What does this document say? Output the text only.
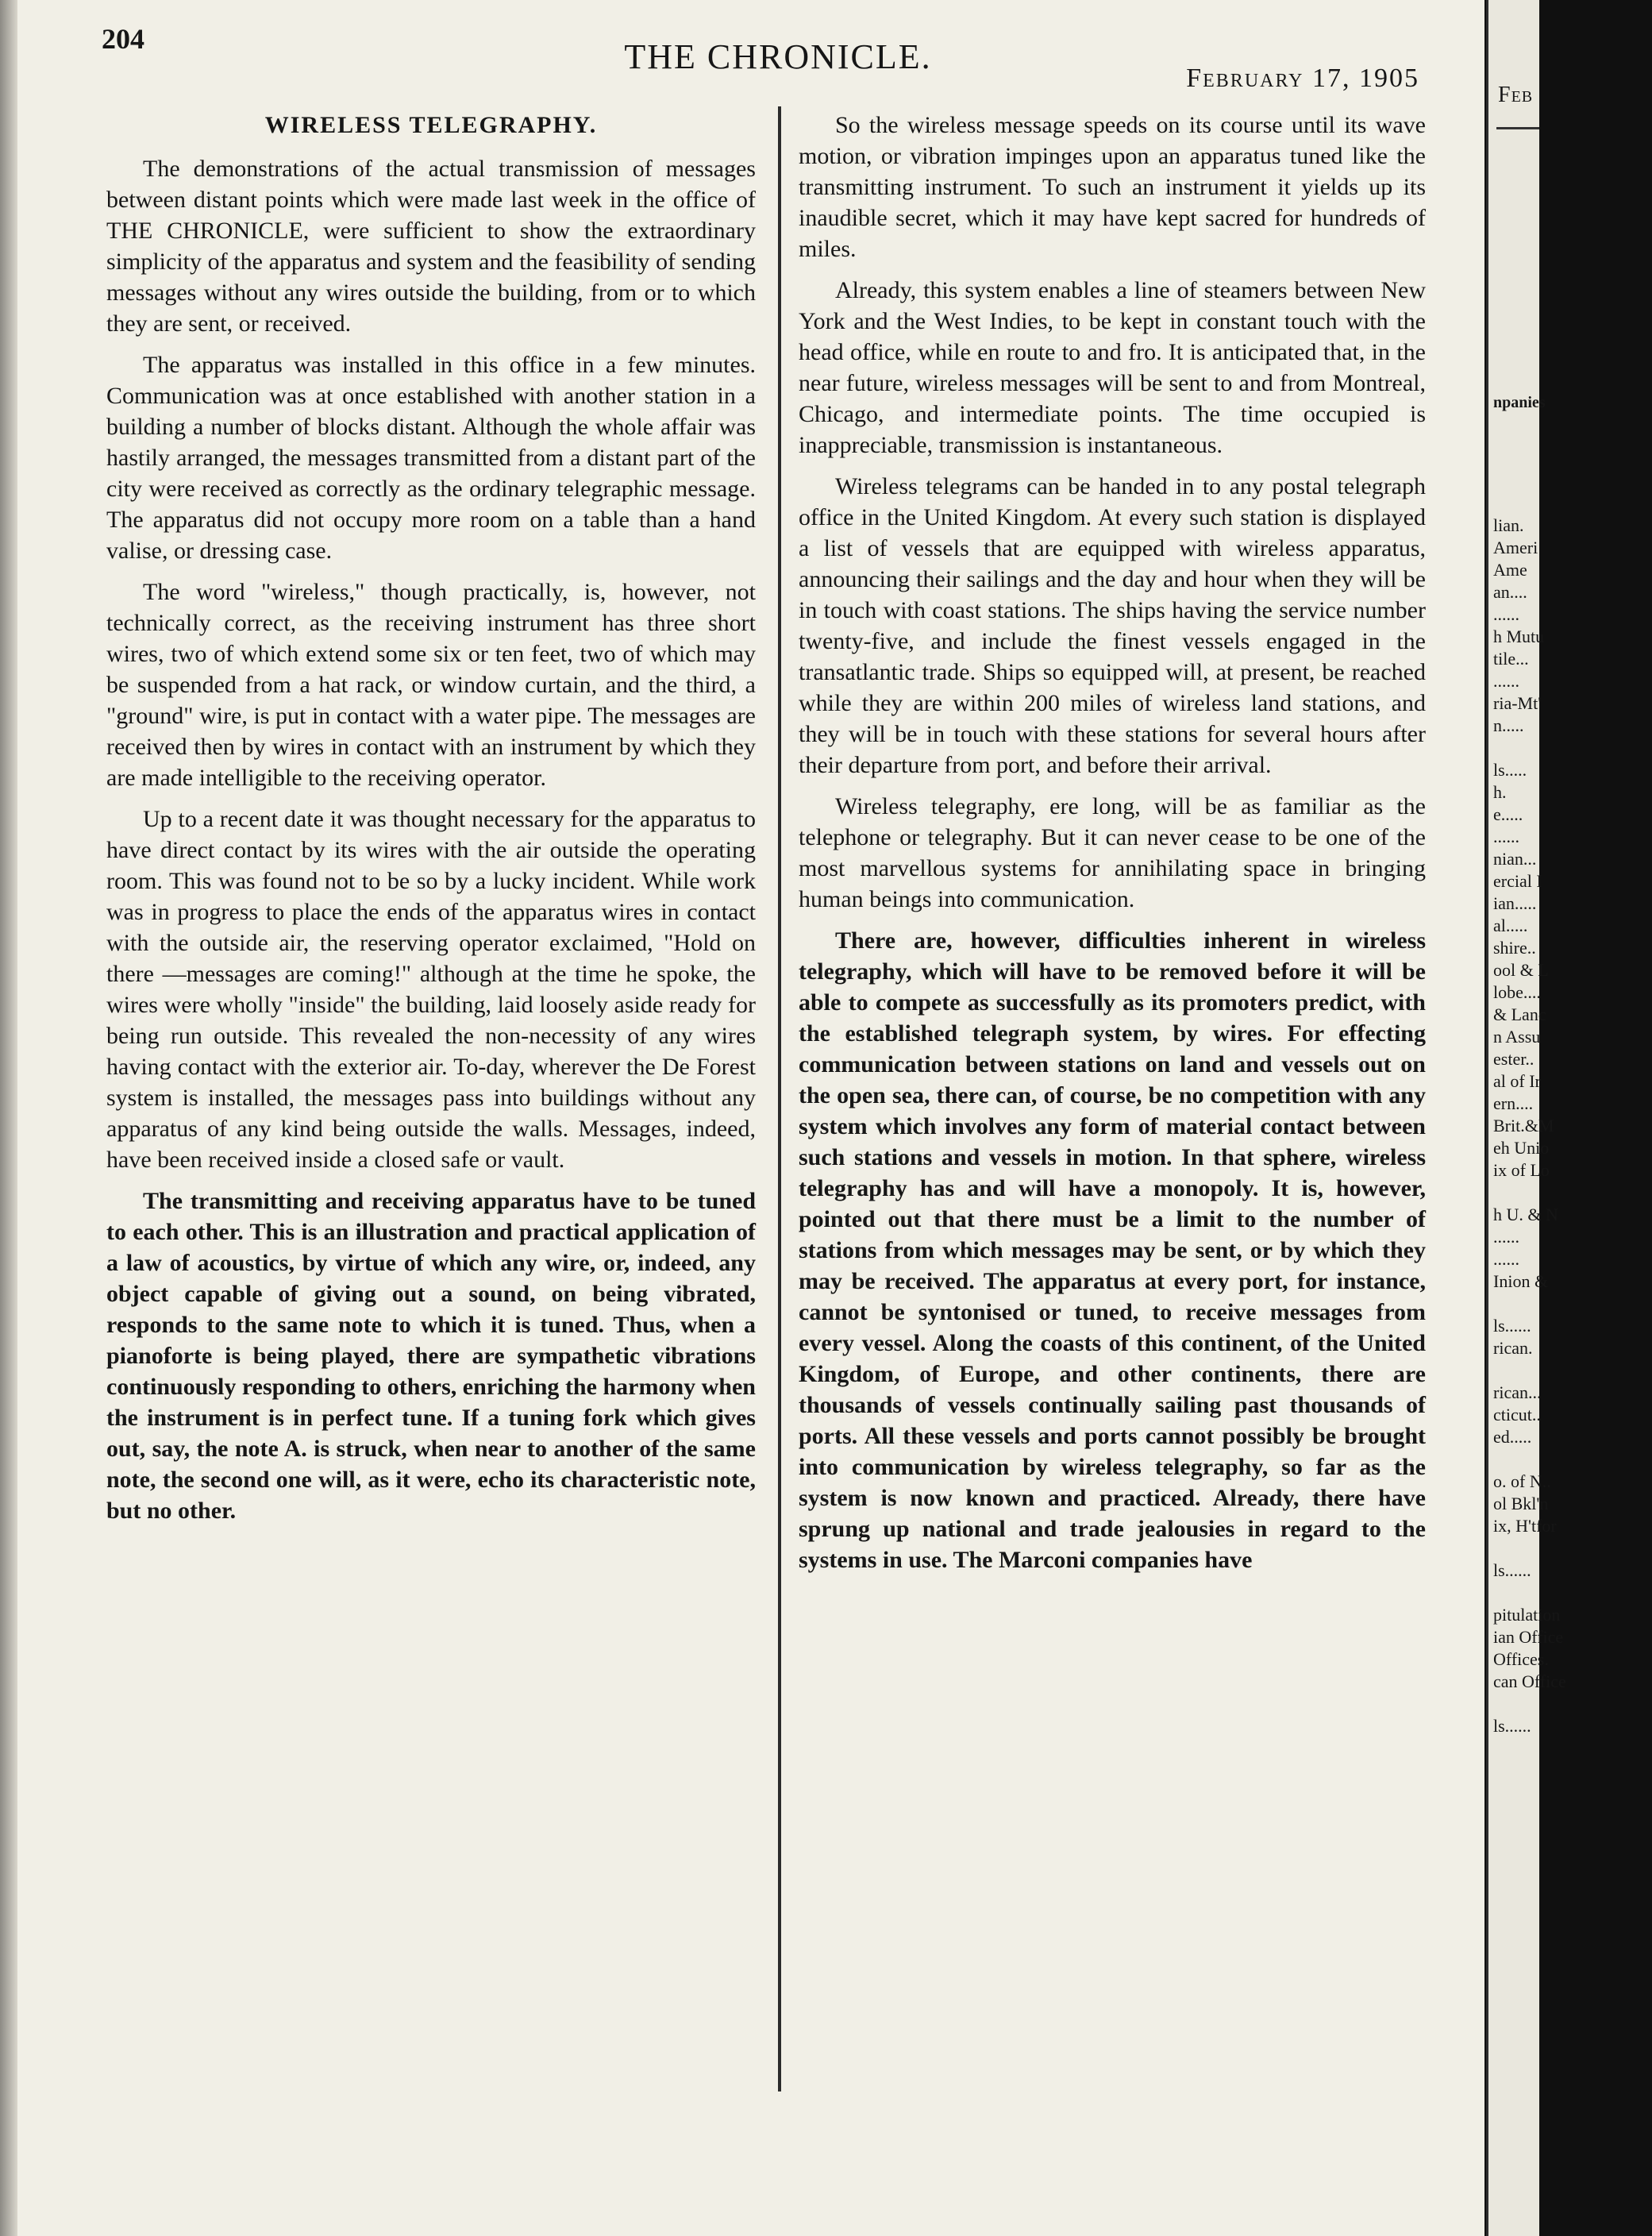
204	THE CHRONICLE.
February 17, 1905
WIRELESS TELEGRAPHY.

The demonstrations of the actual transmission of messages between distant points which were made last week in the office of THE CHRONICLE, were sufficient to show the extraordinary simplicity of the apparatus and system and the feasibility of sending messages without any wires outside the building, from or to which they are sent, or received.

The apparatus was installed in this office in a few minutes. Communication was at once established with another station in a building a number of blocks distant. Although the whole affair was hastily arranged, the messages transmitted from a distant part of the city were received as correctly as the ordinary telegraphic message. The apparatus did not occupy more room on a table than a hand valise, or dressing case.

The word "wireless," though practically, is, however, not technically correct, as the receiving instrument has three short wires, two of which extend some six or ten feet, two of which may be suspended from a hat rack, or window curtain, and the third, a "ground" wire, is put in contact with a water pipe. The messages are received then by wires in contact with an instrument by which they are made intelligible to the receiving operator.

Up to a recent date it was thought necessary for the apparatus to have direct contact by its wires with the air outside the operating room. This was found not to be so by a lucky incident. While work was in progress to place the ends of the apparatus wires in contact with the outside air, the reserving operator exclaimed, "Hold on there —messages are coming!" although at the time he spoke, the wires were wholly "inside" the building, laid loosely aside ready for being run outside. This revealed the non-necessity of any wires having contact with the exterior air. To-day, wherever the De Forest system is installed, the messages pass into buildings without any apparatus of any kind being outside the walls. Messages, indeed, have been received inside a closed safe or vault.

The transmitting and receiving apparatus have to be tuned to each other. This is an illustration and practical application of a law of acoustics, by virtue of which any wire, or, indeed, any object capable of giving out a sound, on being vibrated, responds to the same note to which it is tuned. Thus, when a pianoforte is being played, there are sympathetic vibrations continuously responding to others, enriching the harmony when the instrument is in perfect tune. If a tuning fork which gives out, say, the note A. is struck, when near to another of the same note, the second one will, as it were, echo its characteristic note, but no other.

So the wireless message speeds on its course until its wave motion, or vibration impinges upon an apparatus tuned like the transmitting instrument. To such an instrument it yields up its inaudible secret, which it may have kept sacred for hundreds of miles.

Already, this system enables a line of steamers between New York and the West Indies, to be kept in constant touch with the head office, while en route to and fro. It is anticipated that, in the near future, wireless messages will be sent to and from Montreal, Chicago, and intermediate points. The time occupied is inappreciable, transmission is instantaneous.

Wireless telegrams can be handed in to any postal telegraph office in the United Kingdom. At every such station is displayed a list of vessels that are equipped with wireless apparatus, announcing their sailings and the day and hour when they will be in touch with coast stations. The ships having the service number twenty-five, and include the finest vessels engaged in the transatlantic trade. Ships so equipped will, at present, be reached while they are within 200 miles of wireless land stations, and they will be in touch with these stations for several hours after their departure from port, and before their arrival.

Wireless telegraphy, ere long, will be as familiar as the telephone or telegraphy. But it can never cease to be one of the most marvellous systems for annihilating space in bringing human beings into communication.

There are, however, difficulties inherent in wireless telegraphy, which will have to be removed before it will be able to compete as successfully as its promoters predict, with the established telegraph system, by wires. For effecting communication between stations on land and vessels out on the open sea, there can, of course, be no competition with any system which involves any form of material contact between such stations and vessels in motion. In that sphere, wireless telegraphy has and will have a monopoly. It is, however, pointed out that there must be a limit to the number of stations from which messages may be sent, or by which they may be received. The apparatus at every port, for instance, cannot be syntonised or tuned, to receive messages from every vessel. Along the coasts of this continent, of the United Kingdom, of Europe, and other continents, there are thousands of vessels continually sailing past thousands of ports. All these vessels and ports cannot possibly be brought into communication by wireless telegraphy, so far as the system is now known and practiced. Already, there have sprung up national and trade jealousies in regard to the systems in use. The Marconi companies have

Feb
npanies
lian.
Ameri
Ame
an....
......
h Mutu
tile...
......
ria-Mt'
n.....
ls.....
h.
e.....
......
nian...
ercial I
ian.....
al.....
shire..
ool & L
lobe....
& Lanc
n Assu
ester..
al of Ir
ern....
Brit.&M
eh Unio
ix of Lo
h U. & N
......
......
Inion &
ls......
rican.
rican...
cticut..
ed.....
o. of N..
ol Bkl'n
ix, H'tfor
ls......
pitulation
ian Office
Offices.
can Office
ls......
